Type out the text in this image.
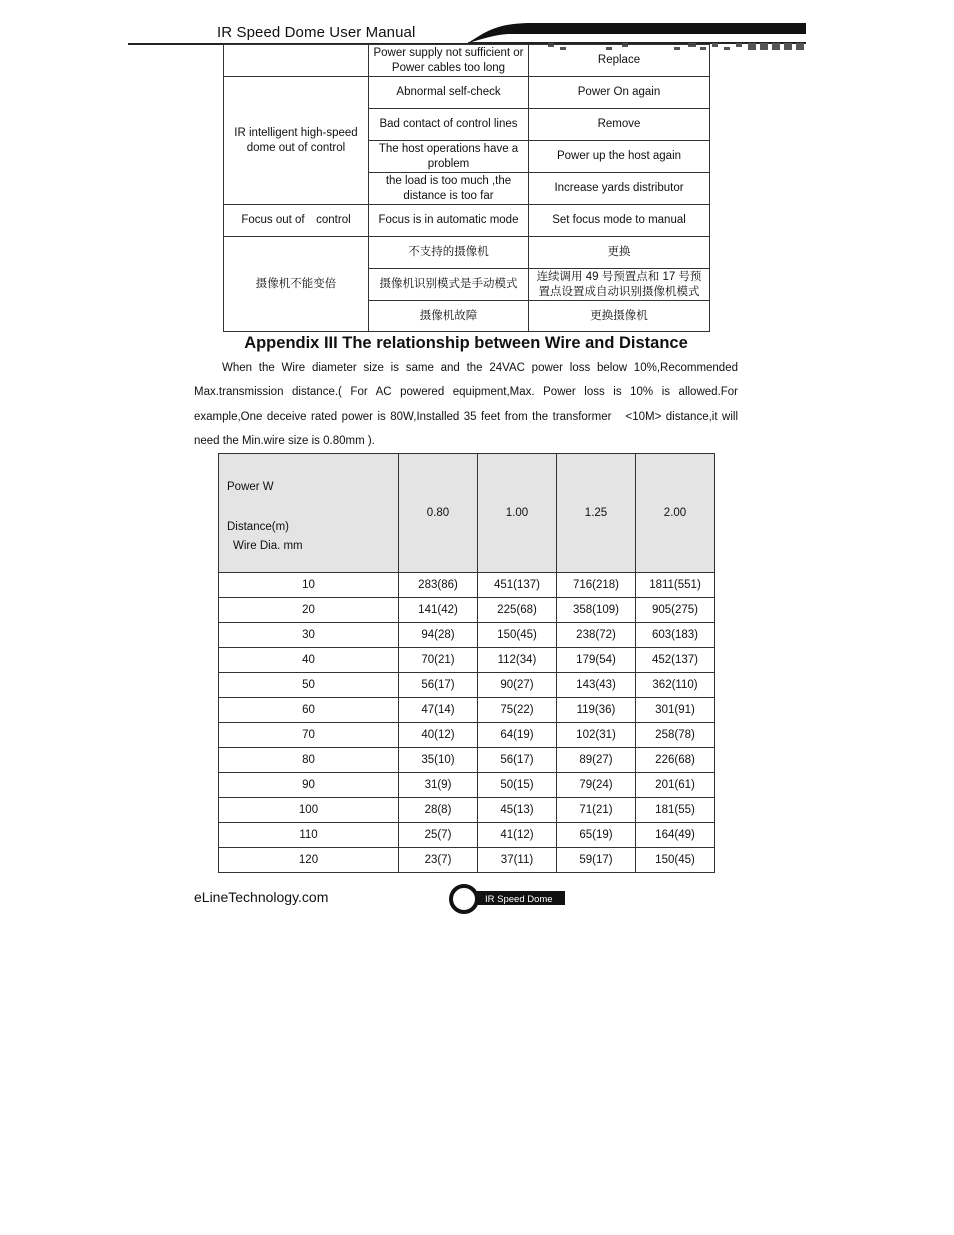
IR Speed Dome User Manual
	Power supply not sufficient or Power cables too long	Replace
IR intelligent high-speed dome out of control	Abnormal self-check	Power On again
	Bad contact of control lines	Remove
	The host operations have a problem	Power up the host again
	the load is too much ,the distance is too far	Increase yards distributor
Focus out of　control	Focus is in automatic mode	Set focus mode to manual
摄像机不能变倍	不支持的摄像机	更换
	摄像机识别模式是手动模式	连续调用 49 号预置点和 17 号预置点设置成自动识别摄像机模式
	摄像机故障	更换摄像机
Appendix III The relationship between Wire and Distance
When the Wire diameter size is same and the 24VAC power loss below 10%,Recommended Max.transmission distance.( For AC powered equipment,Max. Power loss is 10% is allowed.For example,One deceive rated power is 80W,Installed 35 feet from the transformer　<10M> distance,it will need the Min.wire size is 0.80mm ).
Power W
Distance(m)
Wire Dia. mm	0.80	1.00	1.25	2.00
10	283(86)	451(137)	716(218)	1811(551)
20	141(42)	225(68)	358(109)	905(275)
30	94(28)	150(45)	238(72)	603(183)
40	70(21)	112(34)	179(54)	452(137)
50	56(17)	90(27)	143(43)	362(110)
60	47(14)	75(22)	119(36)	301(91)
70	40(12)	64(19)	102(31)	258(78)
80	35(10)	56(17)	89(27)	226(68)
90	31(9)	50(15)	79(24)	201(61)
100	28(8)	45(13)	71(21)	181(55)
110	25(7)	41(12)	65(19)	164(49)
120	23(7)	37(11)	59(17)	150(45)
eLineTechnology.com	IR Speed Dome
